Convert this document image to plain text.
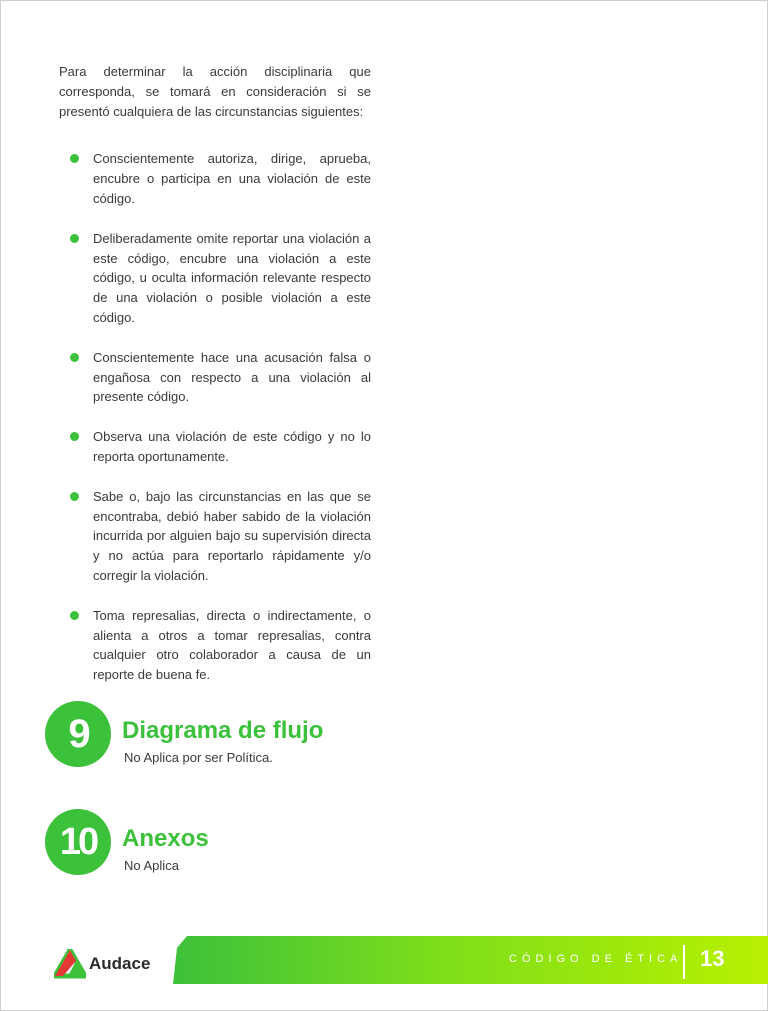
Para determinar la acción disciplinaria que corresponda, se tomará en consideración si se presentó cualquiera de las circunstancias siguientes:

Conscientemente autoriza, dirige, aprueba, encubre o participa en una violación de este código.
Deliberadamente omite reportar una violación a este código, encubre una violación a este código, u oculta información relevante respecto de una violación o posible violación a este código.
Conscientemente hace una acusación falsa o engañosa con respecto a una violación al presente código.
Observa una violación de este código y no lo reporta oportunamente.
Sabe o, bajo las circunstancias en las que se encontraba, debió haber sabido de la violación incurrida por alguien bajo su supervisión directa y no actúa para reportarlo rápidamente y/o corregir la violación.
Toma represalias, directa o indirectamente, o alienta a otros a tomar represalias, contra cualquier otro colaborador a causa de un reporte de buena fe.
9	Diagrama de flujo
No Aplica por ser Política.
10	Anexos
No Aplica
Audace	CÓDIGO DE ÉTICA 13
